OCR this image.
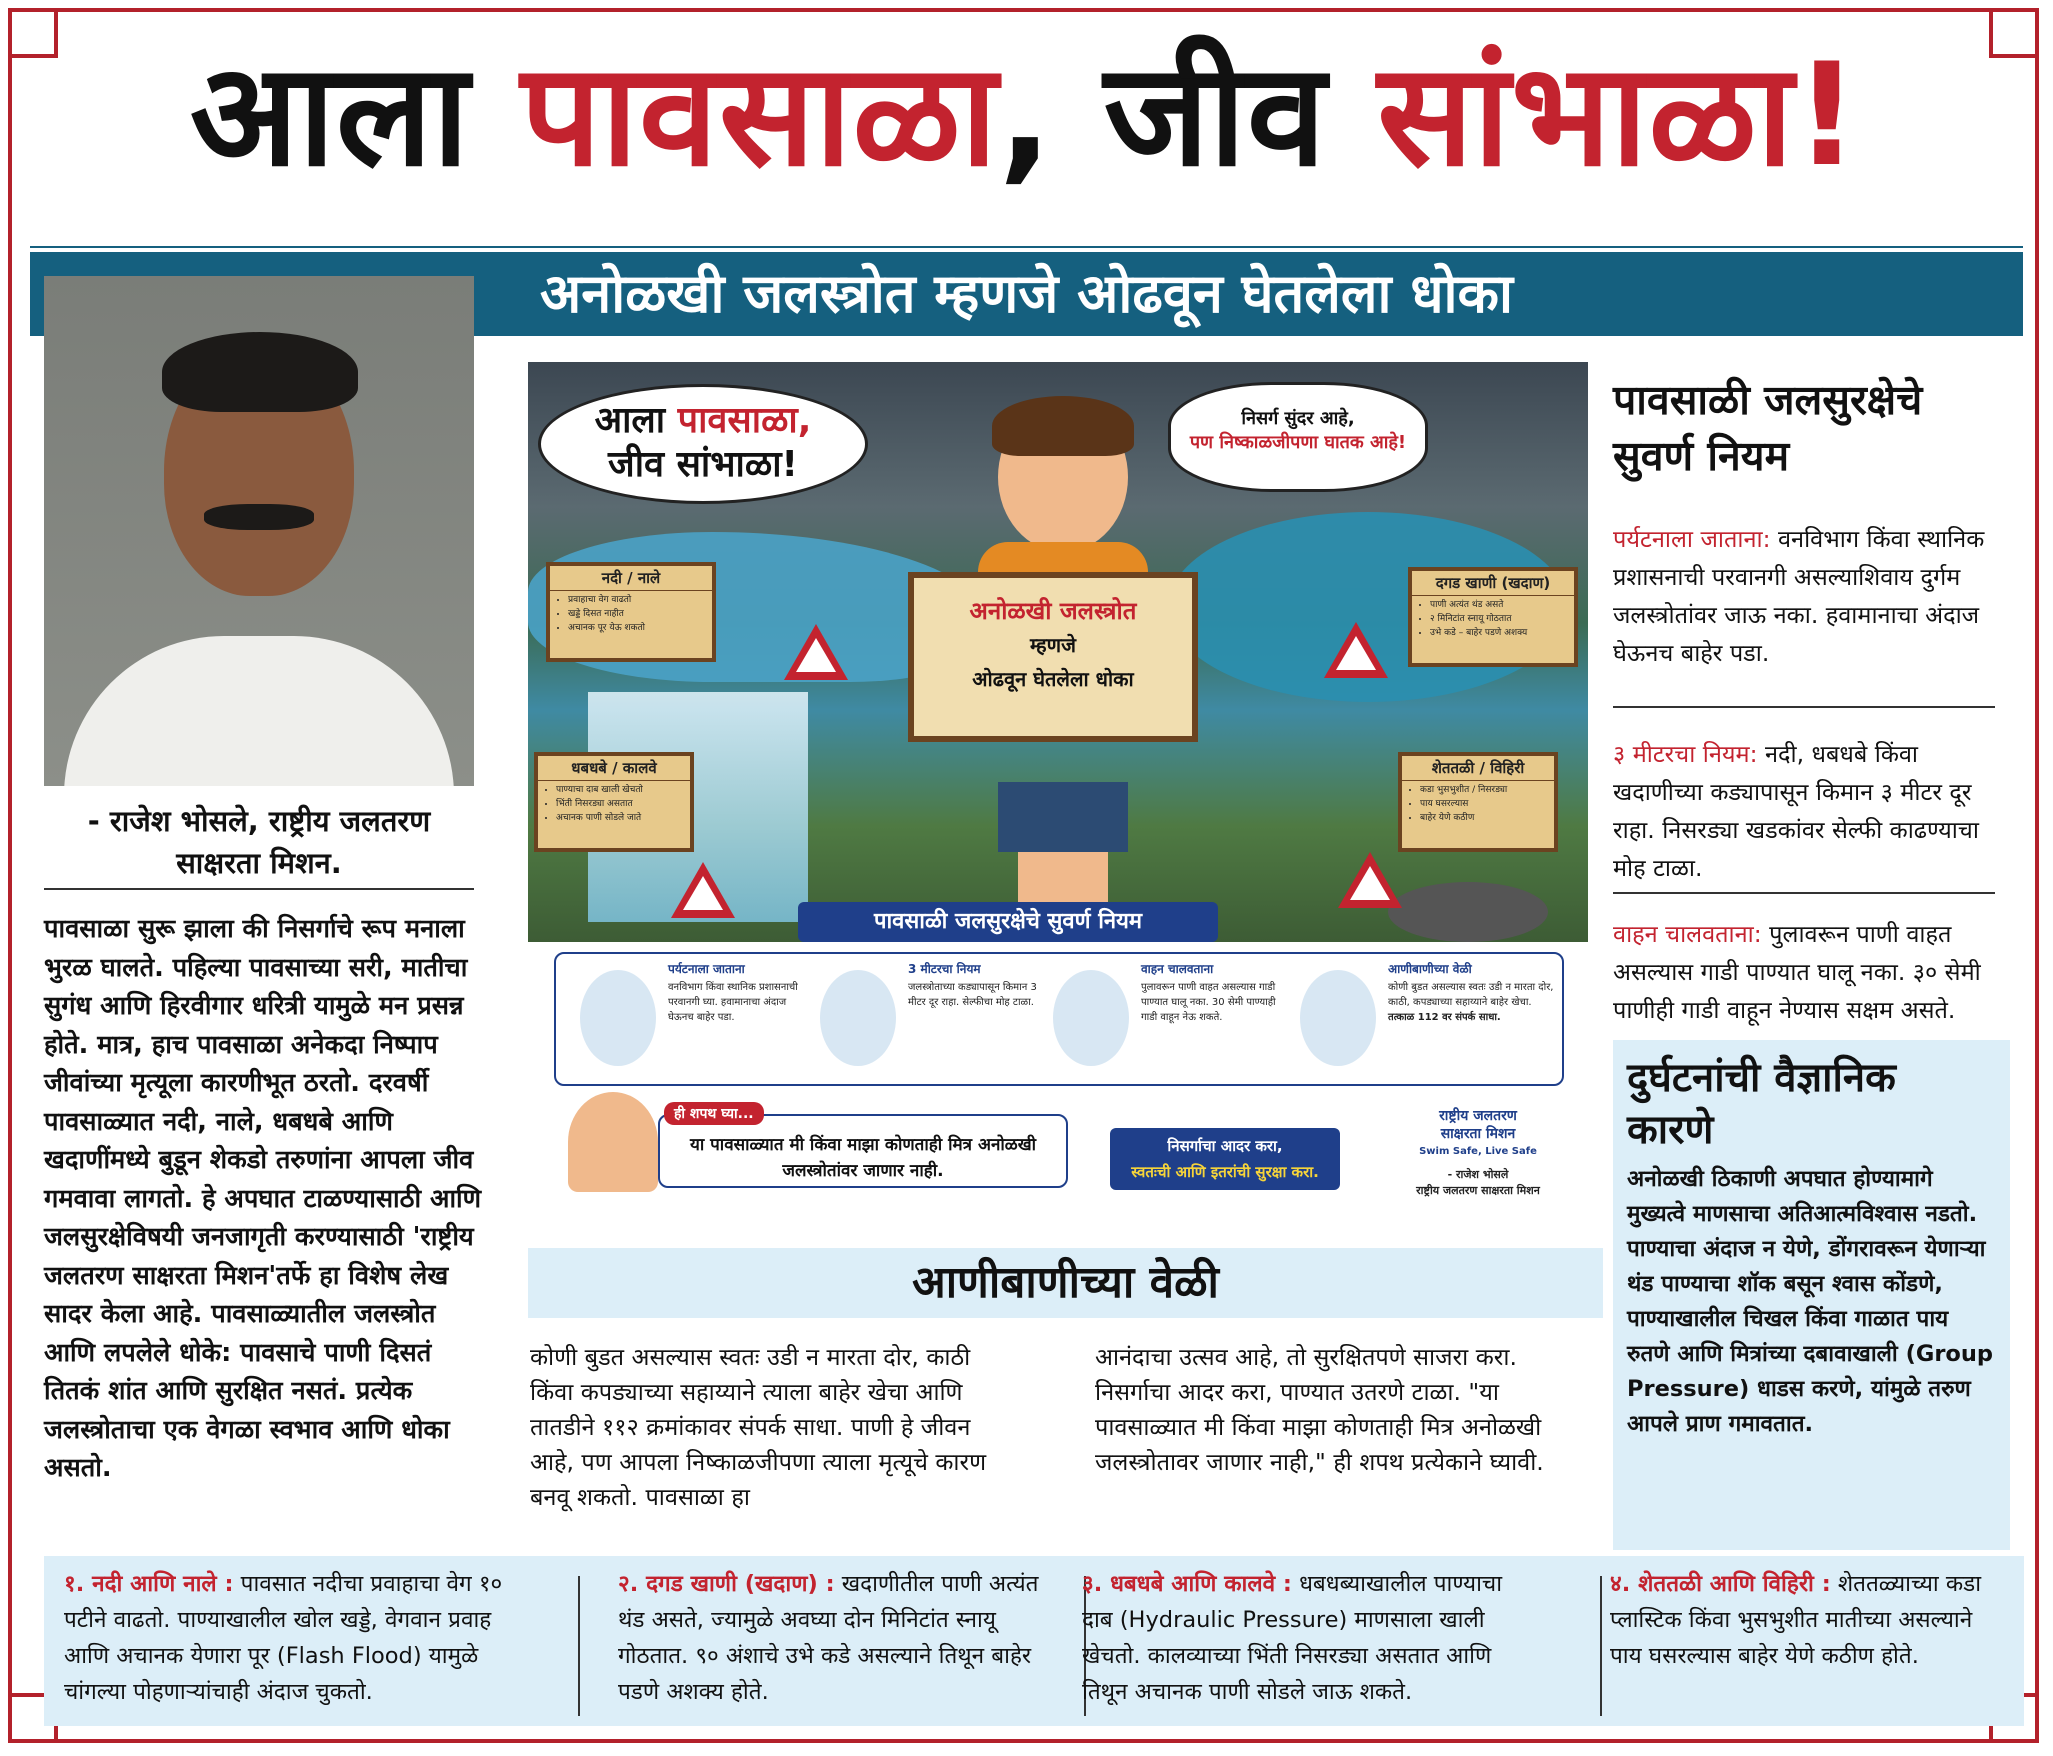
आला पावसाळा, जीव सांभाळा!
अनोळखी जलस्त्रोत म्हणजे ओढवून घेतलेला धोका
- राजेश भोसले, राष्ट्रीय जलतरण साक्षरता मिशन.
पावसाळा सुरू झाला की निसर्गाचे रूप मनाला भुरळ घालते. पहिल्या पावसाच्या सरी, मातीचा सुगंध आणि हिरवीगार धरित्री यामुळे मन प्रसन्न होते. मात्र, हाच पावसाळा अनेकदा निष्पाप जीवांच्या मृत्यूला कारणीभूत ठरतो. दरवर्षी पावसाळ्यात नदी, नाले, धबधबे आणि खदाणींमध्ये बुडून शेकडो तरुणांना आपला जीव गमवावा लागतो. हे अपघात टाळण्यासाठी आणि जलसुरक्षेविषयी जनजागृती करण्यासाठी 'राष्ट्रीय जलतरण साक्षरता मिशन'तर्फे हा विशेष लेख सादर केला आहे. पावसाळ्यातील जलस्त्रोत आणि लपलेले धोके: पावसाचे पाणी दिसतं तितकं शांत आणि सुरक्षित नसतं. प्रत्येक जलस्त्रोताचा एक वेगळा स्वभाव आणि धोका असतो.
आला पावसाळा,
जीव सांभाळा!
निसर्ग सुंदर आहे,
पण निष्काळजीपणा घातक आहे!
नदी / नाले
• प्रवाहाचा वेग वाढतो
• खड्डे दिसत नाहीत
• अचानक पूर येऊ शकतो
दगड खाणी (खदाण)
• पाणी अत्यंत थंड असते
• २ मिनिटांत स्नायू गोठतात
• उभे कडे – बाहेर पडणे अशक्य
धबधबे / कालवे
• पाण्याचा दाब खाली खेचतो
• भिंती निसरड्या असतात
• अचानक पाणी सोडले जाते
शेततळी / विहिरी
• कडा भुसभुशीत / निसरड्या
• पाय घसरल्यास
• बाहेर येणे कठीण
अनोळखी जलस्त्रोत
म्हणजे
ओढवून घेतलेला धोका
पावसाळी जलसुरक्षेचे सुवर्ण नियम
पर्यटनाला जाताना
वनविभाग किंवा स्थानिक प्रशासनाची परवानगी घ्या. हवामानाचा अंदाज घेऊनच बाहेर पडा.
3 मीटरचा नियम
जलस्त्रोताच्या कड्यापासून किमान 3 मीटर दूर राहा. सेल्फीचा मोह टाळा.
वाहन चालवताना
पुलावरून पाणी वाहत असल्यास गाडी पाण्यात घालू नका. 30 सेमी पाण्याही गाडी वाहून नेऊ शकते.
आणीबाणीच्या वेळी
कोणी बुडत असल्यास स्वतः उडी न मारता दोर, काठी, कपड्याच्या सहाय्याने बाहेर खेचा.
तत्काळ 112 वर संपर्क साधा.
या पावसाळ्यात मी किंवा माझा कोणताही मित्र अनोळखी जलस्त्रोतांवर जाणार नाही.
ही शपथ घ्या...
निसर्गाचा आदर करा,
स्वतःची आणि इतरांची सुरक्षा करा.
राष्ट्रीय जलतरण
साक्षरता मिशन
Swim Safe, Live Safe
- राजेश भोसले
राष्ट्रीय जलतरण साक्षरता मिशन
आणीबाणीच्या वेळी
कोणी बुडत असल्यास स्वतः उडी न मारता दोर, काठी किंवा कपड्याच्या सहाय्याने त्याला बाहेर खेचा आणि तातडीने ११२ क्रमांकावर संपर्क साधा. पाणी हे जीवन आहे, पण आपला निष्काळजीपणा त्याला मृत्यूचे कारण बनवू शकतो. पावसाळा हा
आनंदाचा उत्सव आहे, तो सुरक्षितपणे साजरा करा. निसर्गाचा आदर करा, पाण्यात उतरणे टाळा. "या पावसाळ्यात मी किंवा माझा कोणताही मित्र अनोळखी जलस्त्रोतावर जाणार नाही," ही शपथ प्रत्येकाने घ्यावी.
पावसाळी जलसुरक्षेचे सुवर्ण नियम
पर्यटनाला जाताना: वनविभाग किंवा स्थानिक प्रशासनाची परवानगी असल्याशिवाय दुर्गम जलस्त्रोतांवर जाऊ नका. हवामानाचा अंदाज घेऊनच बाहेर पडा.
३ मीटरचा नियम: नदी, धबधबे किंवा खदाणीच्या कड्यापासून किमान ३ मीटर दूर राहा. निसरड्या खडकांवर सेल्फी काढण्याचा मोह टाळा.
वाहन चालवताना: पुलावरून पाणी वाहत असल्यास गाडी पाण्यात घालू नका. ३० सेमी पाणीही गाडी वाहून नेण्यास सक्षम असते.
दुर्घटनांची वैज्ञानिक कारणे
अनोळखी ठिकाणी अपघात होण्यामागे मुख्यत्वे माणसाचा अतिआत्मविश्वास नडतो. पाण्याचा अंदाज न येणे, डोंगरावरून येणाऱ्या थंड पाण्याचा शॉक बसून श्वास कोंडणे, पाण्याखालील चिखल किंवा गाळात पाय रुतणे आणि मित्रांच्या दबावाखाली (Group Pressure) धाडस करणे, यांमुळे तरुण आपले प्राण गमावतात.
१. नदी आणि नाले : पावसात नदीचा प्रवाहाचा वेग १० पटीने वाढतो. पाण्याखालील खोल खड्डे, वेगवान प्रवाह आणि अचानक येणारा पूर (Flash Flood) यामुळे चांगल्या पोहणाऱ्यांचाही अंदाज चुकतो.
२. दगड खाणी (खदाण) : खदाणीतील पाणी अत्यंत थंड असते, ज्यामुळे अवघ्या दोन मिनिटांत स्नायू गोठतात. ९० अंशाचे उभे कडे असल्याने तिथून बाहेर पडणे अशक्य होते.
३. धबधबे आणि कालवे : धबधब्याखालील पाण्याचा दाब (Hydraulic Pressure) माणसाला खाली खेचतो. कालव्याच्या भिंती निसरड्या असतात आणि तिथून अचानक पाणी सोडले जाऊ शकते.
४. शेततळी आणि विहिरी : शेततळ्याच्या कडा प्लास्टिक किंवा भुसभुशीत मातीच्या असल्याने पाय घसरल्यास बाहेर येणे कठीण होते.
